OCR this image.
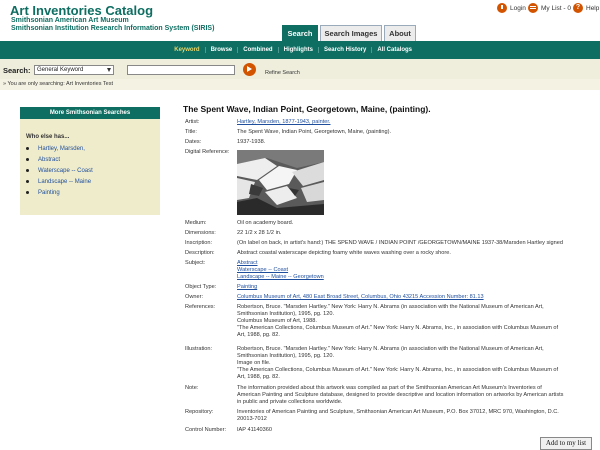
Art Inventories Catalog
Smithsonian American Art Museum
Smithsonian Institution Research Information System (SIRIS)
Login My List - 0 ? Help
Search	Search Images	About
Keyword	Browse	Combined	Highlights	Search History	All Catalogs
Search:	General Keyword	Refine Search
» You are only searching: Art Inventories Test
More Smithsonian Searches
Who else has...
Hartley, Marsden,
Abstract
Waterscape -- Coast
Landscape -- Maine
Painting
The Spent Wave, Indian Point, Georgetown, Maine, (painting).
Artist:	Hartley, Marsden, 1877-1943, painter.
Title:	The Spent Wave, Indian Point, Georgetown, Maine, (painting).
Dates:	1937-1938.
Digital Reference:
Medium:	Oil on academy board.
Dimensions:	22 1/2 x 28 1/2 in.
Inscription:	(On label on back, in artist's hand:) THE SPEND WAVE / INDIAN POINT /GEORGETOWN/MAINE 1937-38/Marsden Hartley signed
Description:	Abstract coastal waterscape depicting foamy white waves washing over a rocky shore.
Subject:	Abstract
Waterscape -- Coast
Landscape -- Maine -- Georgetown
Object Type:	Painting
Owner:	Columbus Museum of Art, 480 East Broad Street, Columbus, Ohio 43215 Accession Number: 81.13
References:	Robertson, Bruce. "Marsden Hartley." New York: Harry N. Abrams (in association with the National Museum of American Art,
Smithsonian Institution), 1995, pg. 120.
Columbus Museum of Art, 1988.
"The American Collections, Columbus Museum of Art." New York: Harry N. Abrams, Inc., in association with Columbus Museum of
Art, 1988, pg. 82.
Illustration:	Robertson, Bruce. "Marsden Hartley." New York: Harry N. Abrams (in association with the National Museum of American Art,
Smithsonian Institution), 1995, pg. 120.
Image on file.
"The American Collections, Columbus Museum of Art." New York: Harry N. Abrams, Inc., in association with Columbus Museum of
Art, 1988, pg. 82.
Note:	The information provided about this artwork was compiled as part of the Smithsonian American Art Museum's Inventories of
American Painting and Sculpture database, designed to provide descriptive and location information on artworks by American artists
in public and private collections worldwide.
Repository:	Inventories of American Painting and Sculpture, Smithsonian American Art Museum, P.O. Box 37012, MRC 970, Washington, D.C.
20013-7012
Control Number:	IAP 41140360
Add to my list
